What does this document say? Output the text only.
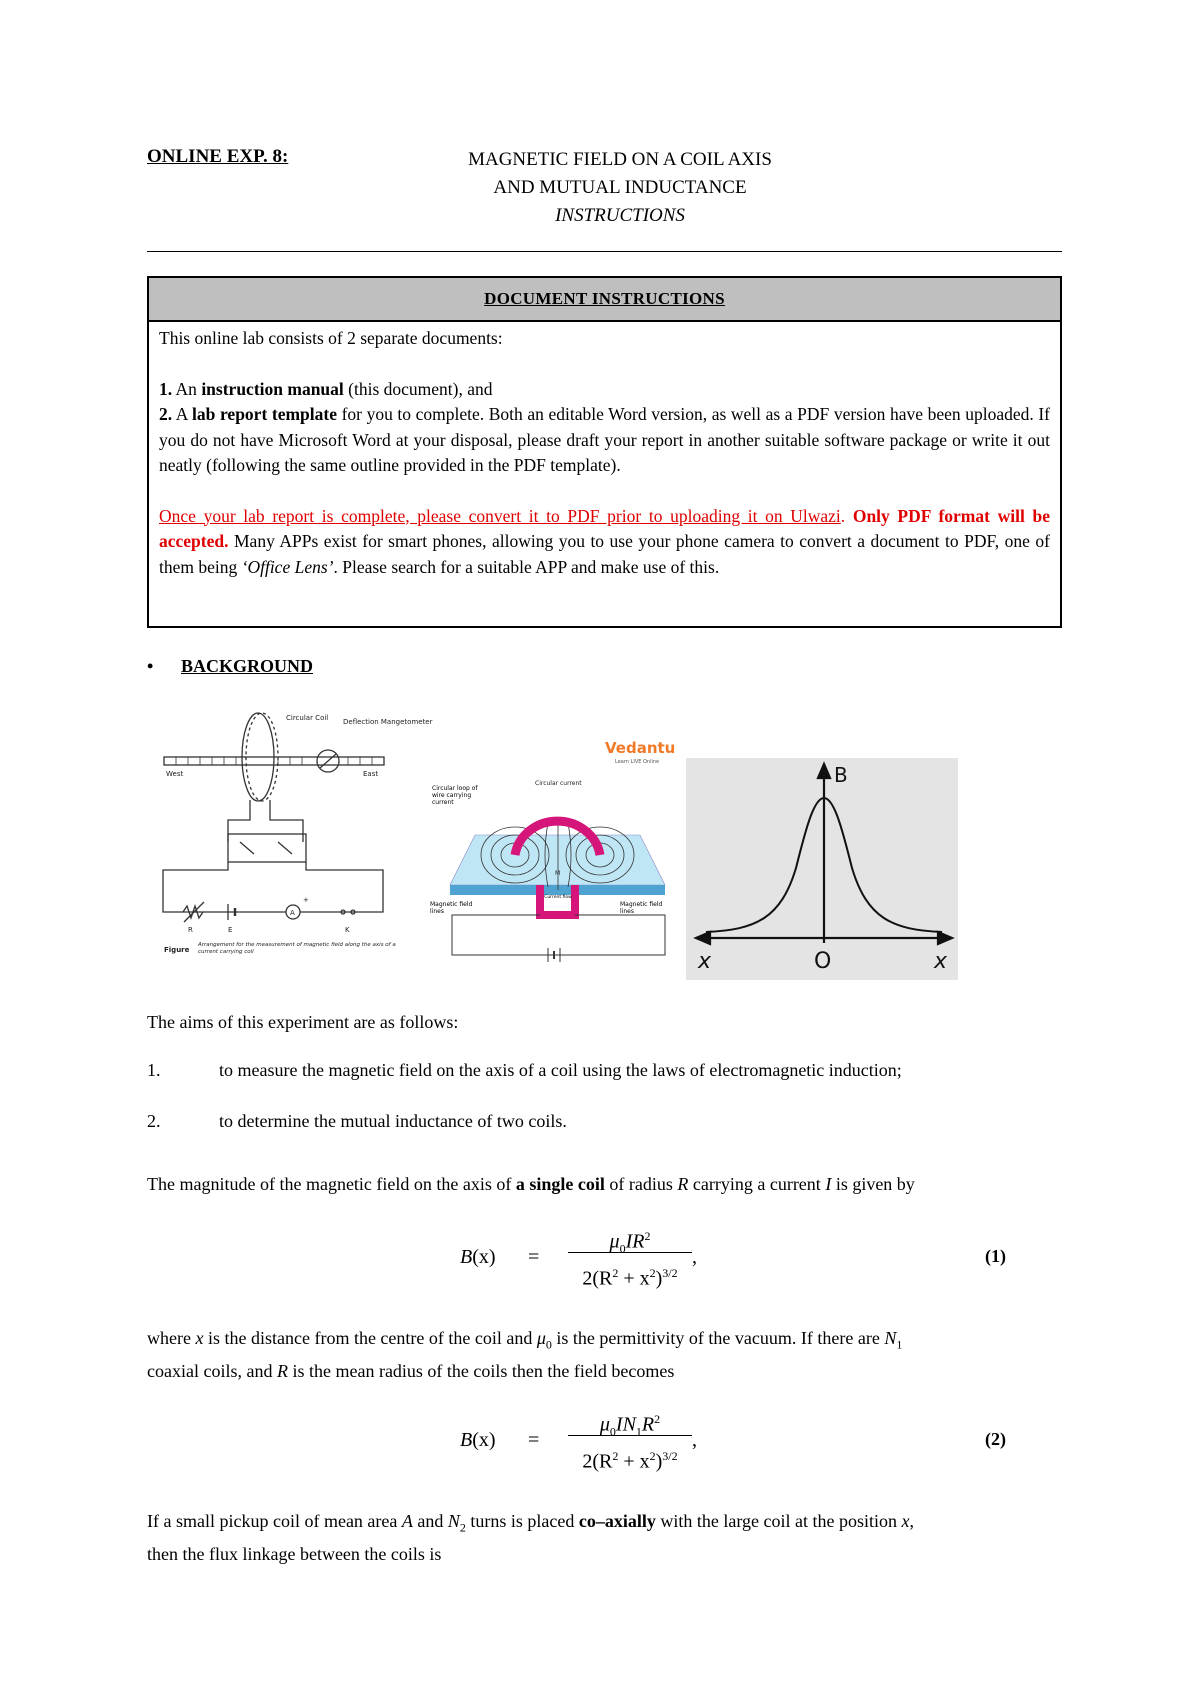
ONLINE EXP. 8:	MAGNETIC FIELD ON A COIL AXIS
AND MUTUAL INDUCTANCE
INSTRUCTIONS
DOCUMENT INSTRUCTIONS

This online lab consists of 2 separate documents:

1. An instruction manual (this document), and

2. A lab report template for you to complete. Both an editable Word version, as well as a PDF version have been uploaded. If you do not have Microsoft Word at your disposal, please draft your report in another suitable software package or write it out neatly (following the same outline provided in the PDF template).

Once your lab report is complete, please convert it to PDF prior to uploading it on Ulwazi. Only PDF format will be accepted. Many APPs exist for smart phones, allowing you to use your phone camera to convert a document to PDF, one of them being ‘Office Lens’. Please search for a suitable APP and make use of this.

• BACKGROUND
Circular Coil Deflection Mangetometer
West	East
R	E
A
K
+
Figure
Arrangement for the measurement of magnetic field along the axis of a current carrying coil
Vedantu
Learn LIVE Online
Circular loop of wire carrying current
Circular current
M
Magnetic field lines
Magnetic field lines
Current flow
B
x	O	x
The aims of this experiment are as follows:
1.	to measure the magnetic field on the axis of a coil using the laws of electromagnetic induction;
2.	to determine the mutual inductance of two coils.
The magnitude of the magnetic field on the axis of a single coil of radius R carrying a current I is given by
$B(x) = \frac{\mu_0IR^2}{2(R^2 + x^2)^{3/2}}$ ,	(1)
where x is the distance from the centre of the coil and $\mu_0$ is the permittivity of the vacuum. If there are $N_1$
coaxial coils, and R is the mean radius of the coils then the field becomes
$B(x) = \frac{\mu_0IN_1R^2}{2(R^2 + x^2)^{3/2}}$ ,	(2)
If a small pickup coil of mean area A and $N_2$ turns is placed co–axially with the large coil at the position x,
then the flux linkage between the coils is
